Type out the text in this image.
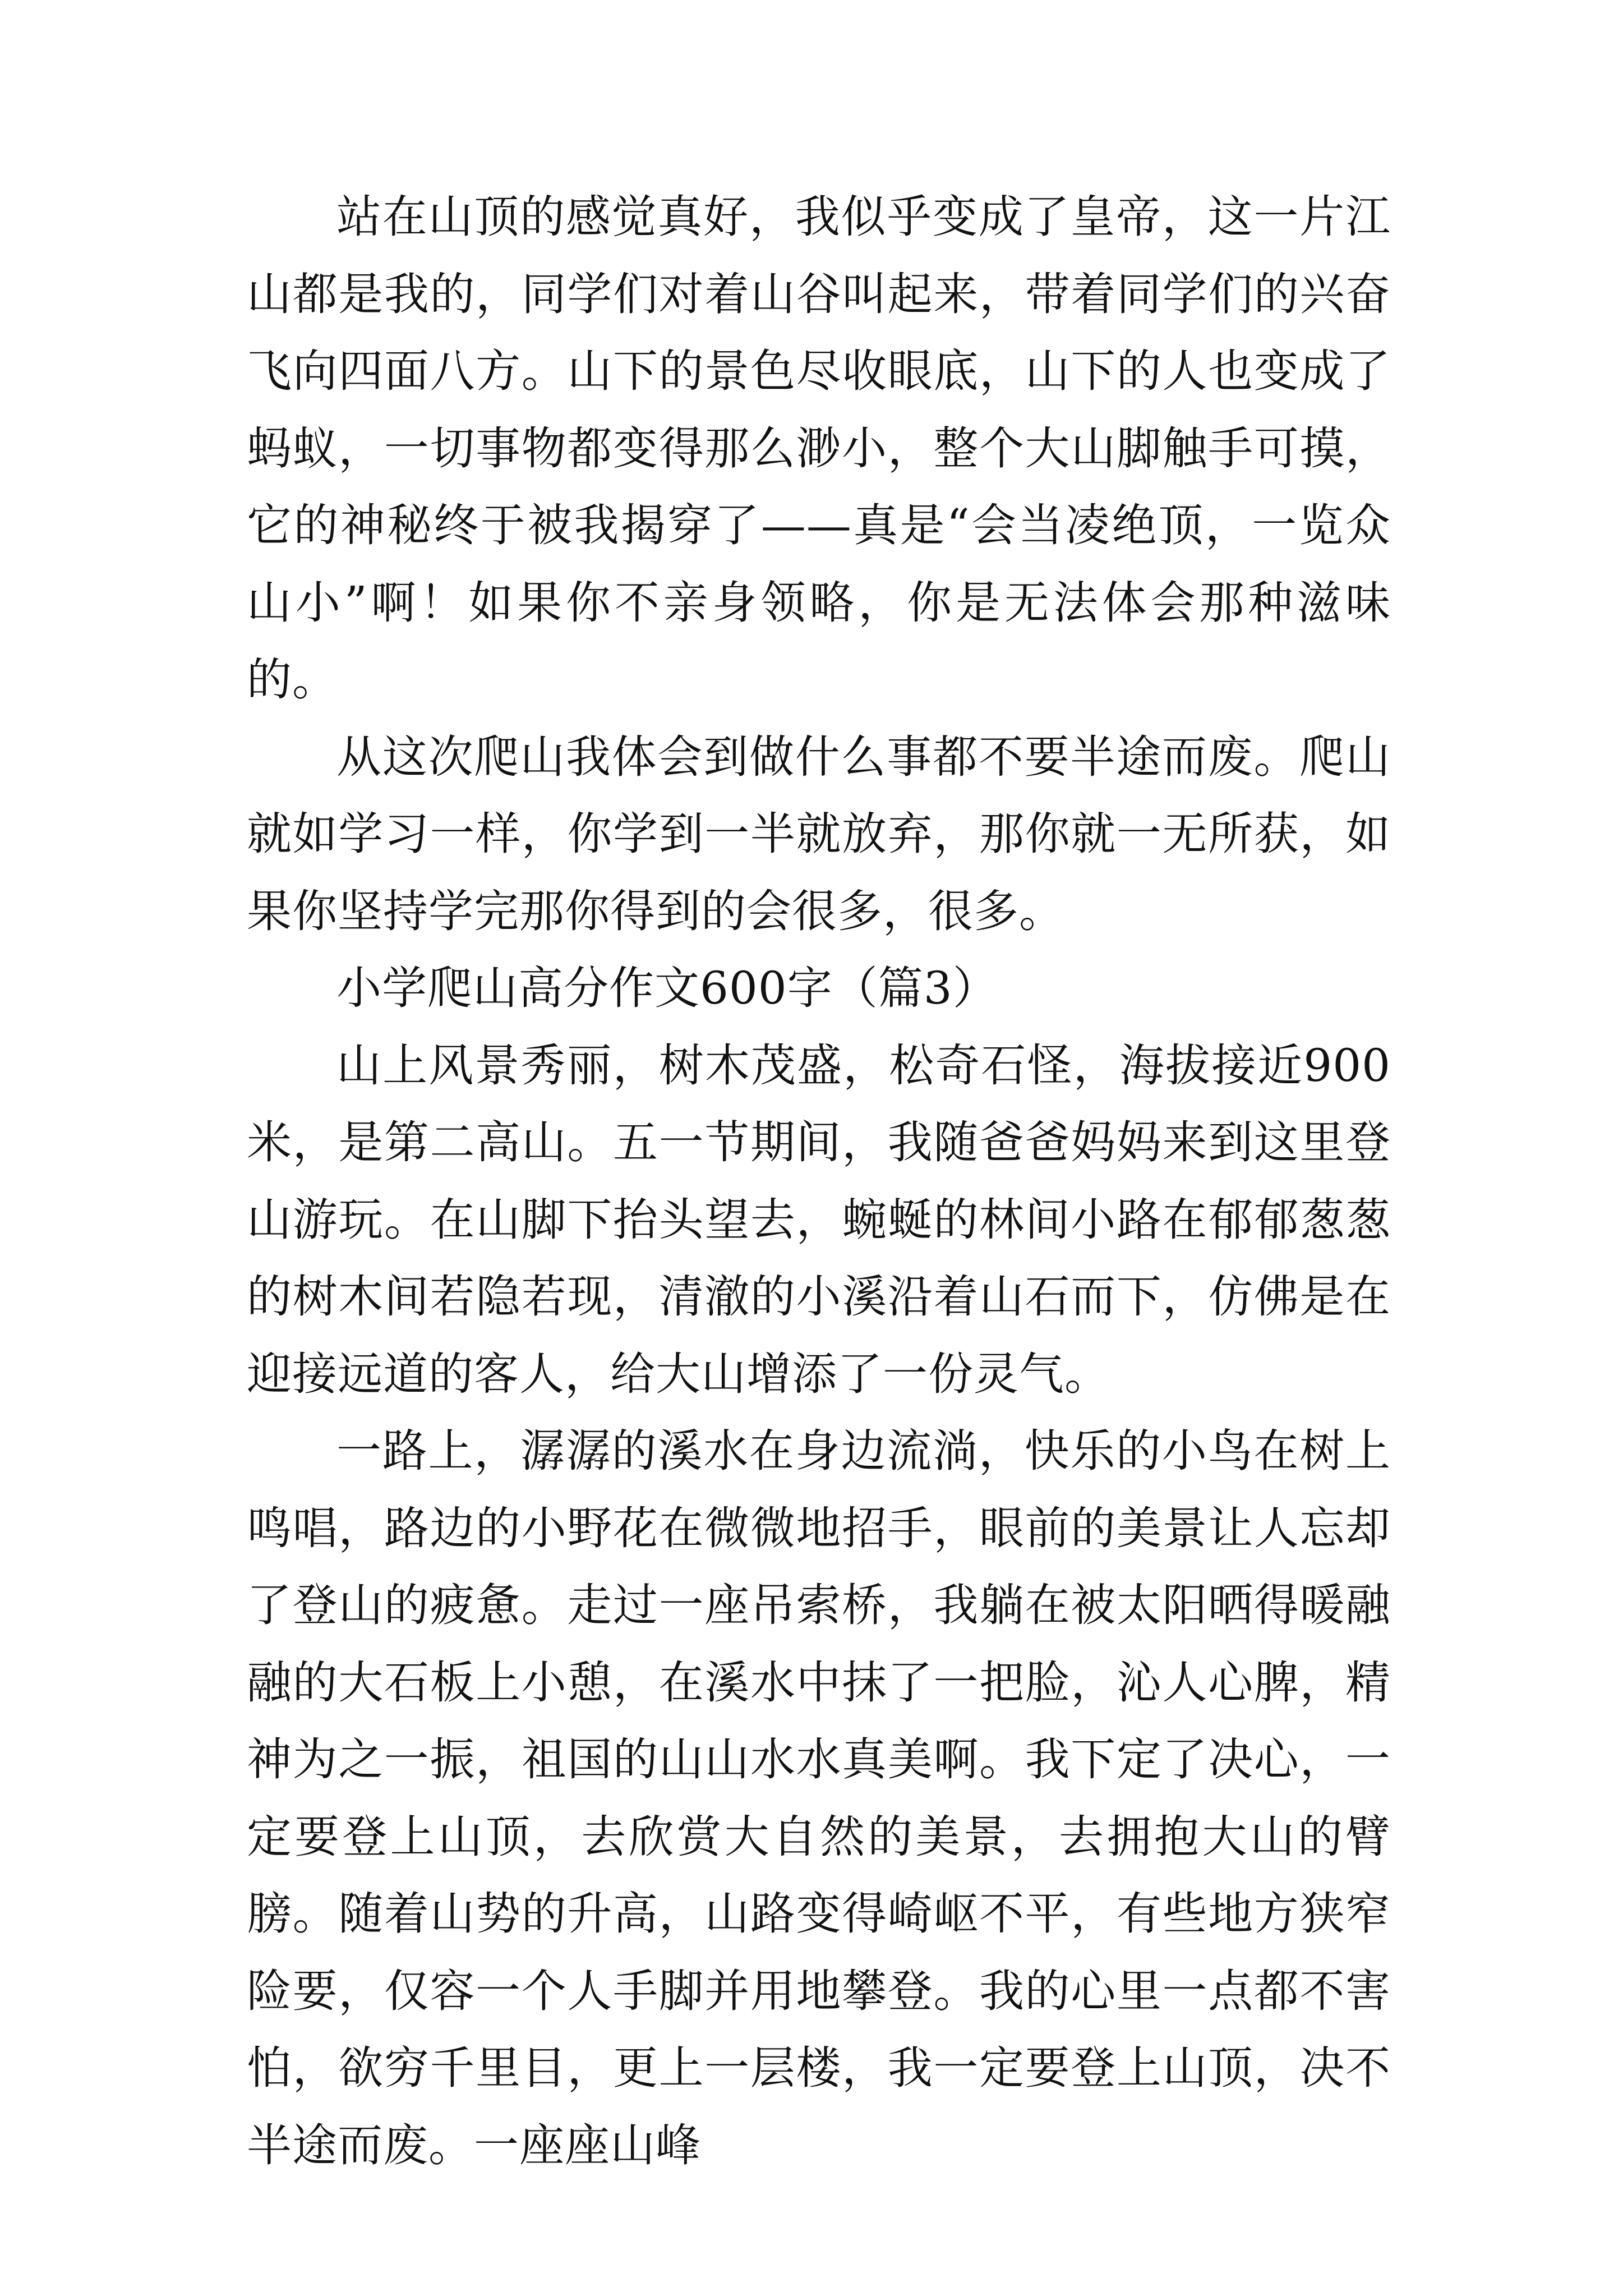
站在山顶的感觉真好，我似乎变成了皇帝，这一片江山都是我的，同学们对着山谷叫起来，带着同学们的兴奋飞向四面八方。山下的景色尽收眼底，山下的人也变成了蚂蚁，一切事物都变得那么渺小，整个大山脚触手可摸，它的神秘终于被我揭穿了——真是“会当凌绝顶，一览众山小”啊！如果你不亲身领略，你是无法体会那种滋味的。

从这次爬山我体会到做什么事都不要半途而废。爬山就如学习一样，你学到一半就放弃，那你就一无所获，如果你坚持学完那你得到的会很多，很多。

小学爬山高分作文600字（篇3）

山上风景秀丽，树木茂盛，松奇石怪，海拔接近900米，是第二高山。五一节期间，我随爸爸妈妈来到这里登山游玩。在山脚下抬头望去，蜿蜒的林间小路在郁郁葱葱的树木间若隐若现，清澈的小溪沿着山石而下，仿佛是在迎接远道的客人，给大山增添了一份灵气。

一路上，潺潺的溪水在身边流淌，快乐的小鸟在树上鸣唱，路边的小野花在微微地招手，眼前的美景让人忘却了登山的疲惫。走过一座吊索桥，我躺在被太阳晒得暖融融的大石板上小憩，在溪水中抹了一把脸，沁人心脾，精神为之一振，祖国的山山水水真美啊。我下定了决心，一定要登上山顶，去欣赏大自然的美景，去拥抱大山的臂膀。随着山势的升高，山路变得崎岖不平，有些地方狭窄险要，仅容一个人手脚并用地攀登。我的心里一点都不害怕，欲穷千里目，更上一层楼，我一定要登上山顶，决不半途而废。一座座山峰
